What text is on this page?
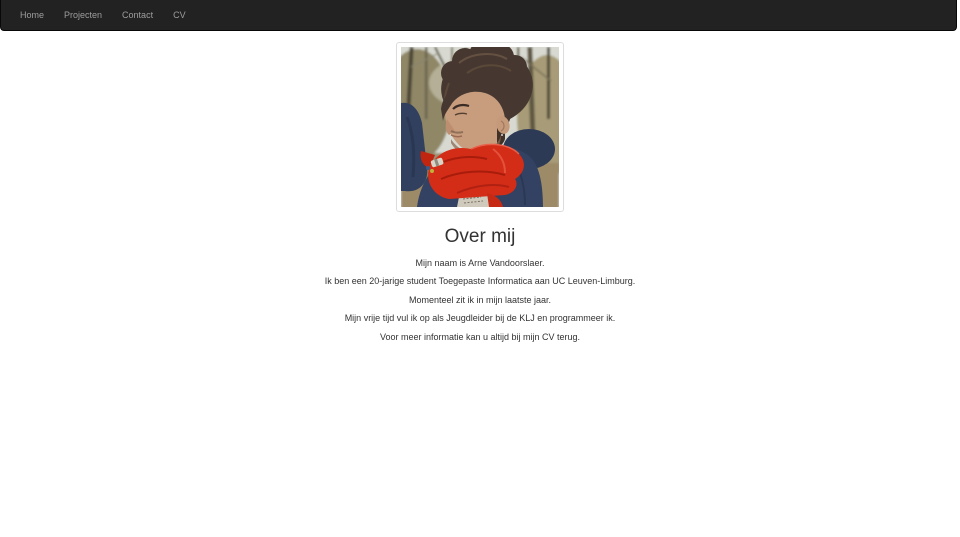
Home	Projecten	Contact	CV
Over mij

Mijn naam is Arne Vandoorslaer.

Ik ben een 20-jarige student Toegepaste Informatica aan UC Leuven-Limburg.

Momenteel zit ik in mijn laatste jaar.

Mijn vrije tijd vul ik op als Jeugdleider bij de KLJ en programmeer ik.

Voor meer informatie kan u altijd bij mijn CV terug.
